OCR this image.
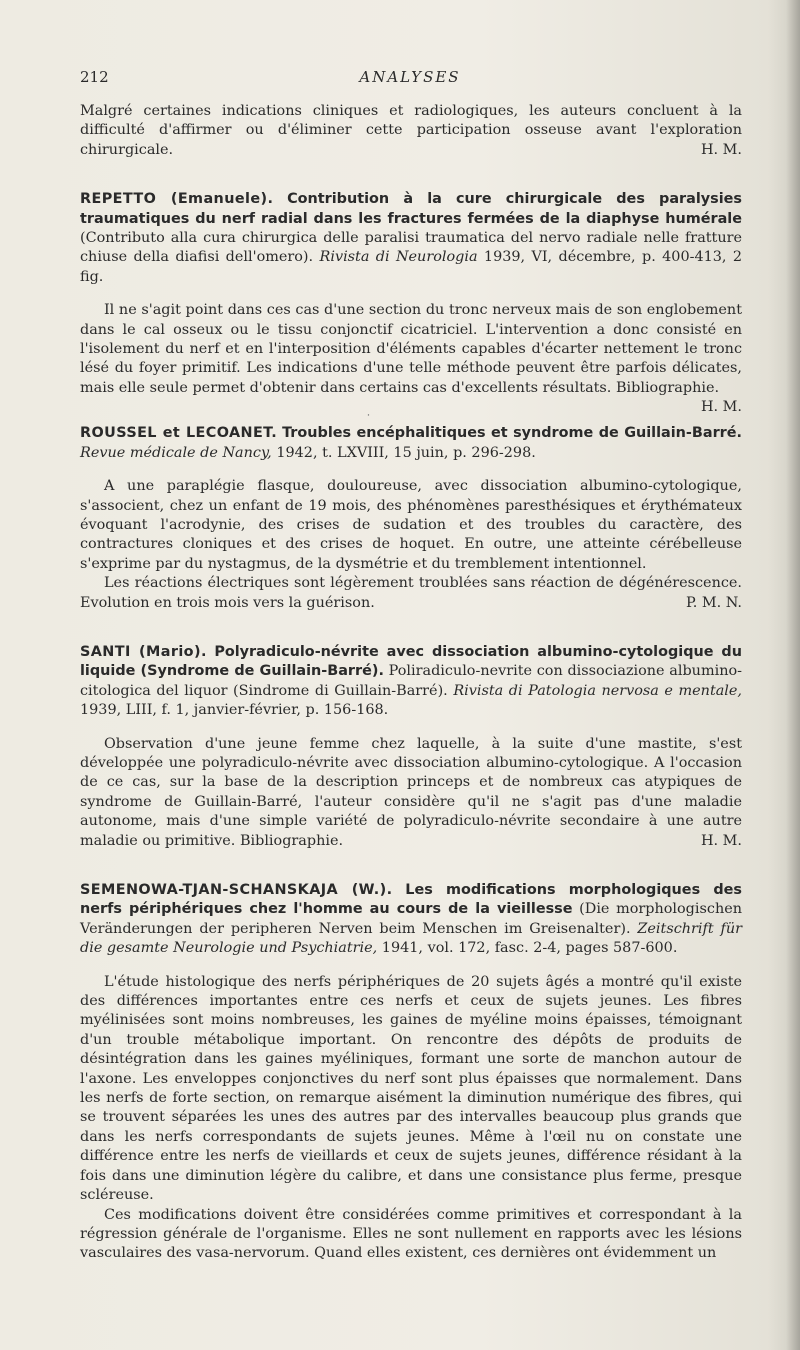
212	ANALYSES

Malgré certaines indications cliniques et radiologiques, les auteurs concluent à la difficulté d'affirmer ou d'éliminer cette participation osseuse avant l'exploration chirurgicale.	H. M.

REPETTO (Emanuele). Contribution à la cure chirurgicale des paralysies traumatiques du nerf radial dans les fractures fermées de la diaphyse humérale (Contributo alla cura chirurgica delle paralisi traumatica del nervo radiale nelle fratture chiuse della diafisi dell'omero). Rivista di Neurologia 1939, VI, décembre, p. 400-413, 2 fig.

Il ne s'agit point dans ces cas d'une section du tronc nerveux mais de son englobement dans le cal osseux ou le tissu conjonctif cicatriciel. L'intervention a donc consisté en l'isolement du nerf et en l'interposition d'éléments capables d'écarter nettement le tronc lésé du foyer primitif. Les indications d'une telle méthode peuvent être parfois délicates, mais elle seule permet d'obtenir dans certains cas d'excellents résultats. Bibliographie.
H. M.

⸱

ROUSSEL et LECOANET. Troubles encéphalitiques et syndrome de Guillain-Barré. Revue médicale de Nancy, 1942, t. LXVIII, 15 juin, p. 296-298.

A une paraplégie flasque, douloureuse, avec dissociation albumino-cytologique, s'associent, chez un enfant de 19 mois, des phénomènes paresthésiques et érythémateux évoquant l'acrodynie, des crises de sudation et des troubles du caractère, des contractures cloniques et des crises de hoquet. En outre, une atteinte cérébelleuse s'exprime par du nystagmus, de la dysmétrie et du tremblement intentionnel.

Les réactions électriques sont légèrement troublées sans réaction de dégénérescence. Evolution en trois mois vers la guérison.	P. M. N.

SANTI (Mario). Polyradiculo-névrite avec dissociation albumino-cytologique du liquide (Syndrome de Guillain-Barré). Poliradiculo-nevrite con dissociazione albumino-citologica del liquor (Sindrome di Guillain-Barré). Rivista di Patologia nervosa e mentale, 1939, LIII, f. 1, janvier-février, p. 156-168.

Observation d'une jeune femme chez laquelle, à la suite d'une mastite, s'est développée une polyradiculo-névrite avec dissociation albumino-cytologique. A l'occasion de ce cas, sur la base de la description princeps et de nombreux cas atypiques de syndrome de Guillain-Barré, l'auteur considère qu'il ne s'agit pas d'une maladie autonome, mais d'une simple variété de polyradiculo-névrite secondaire à une autre maladie ou primitive. Bibliographie.	H. M.

SEMENOWA-TJAN-SCHANSKAJA (W.). Les modifications morphologiques des nerfs périphériques chez l'homme au cours de la vieillesse (Die morphologischen Veränderungen der peripheren Nerven beim Menschen im Greisenalter). Zeitschrift für die gesamte Neurologie und Psychiatrie, 1941, vol. 172, fasc. 2-4, pages 587-600.

L'étude histologique des nerfs périphériques de 20 sujets âgés a montré qu'il existe des différences importantes entre ces nerfs et ceux de sujets jeunes. Les fibres myélinisées sont moins nombreuses, les gaines de myéline moins épaisses, témoignant d'un trouble métabolique important. On rencontre des dépôts de produits de désintégration dans les gaines myéliniques, formant une sorte de manchon autour de l'axone. Les enveloppes conjonctives du nerf sont plus épaisses que normalement. Dans les nerfs de forte section, on remarque aisément la diminution numérique des fibres, qui se trouvent séparées les unes des autres par des intervalles beaucoup plus grands que dans les nerfs correspondants de sujets jeunes. Même à l'œil nu on constate une différence entre les nerfs de vieillards et ceux de sujets jeunes, différence résidant à la fois dans une diminution légère du calibre, et dans une consistance plus ferme, presque scléreuse.

Ces modifications doivent être considérées comme primitives et correspondant à la régression générale de l'organisme. Elles ne sont nullement en rapports avec les lésions vasculaires des vasa-nervorum. Quand elles existent, ces dernières ont évidemment un
